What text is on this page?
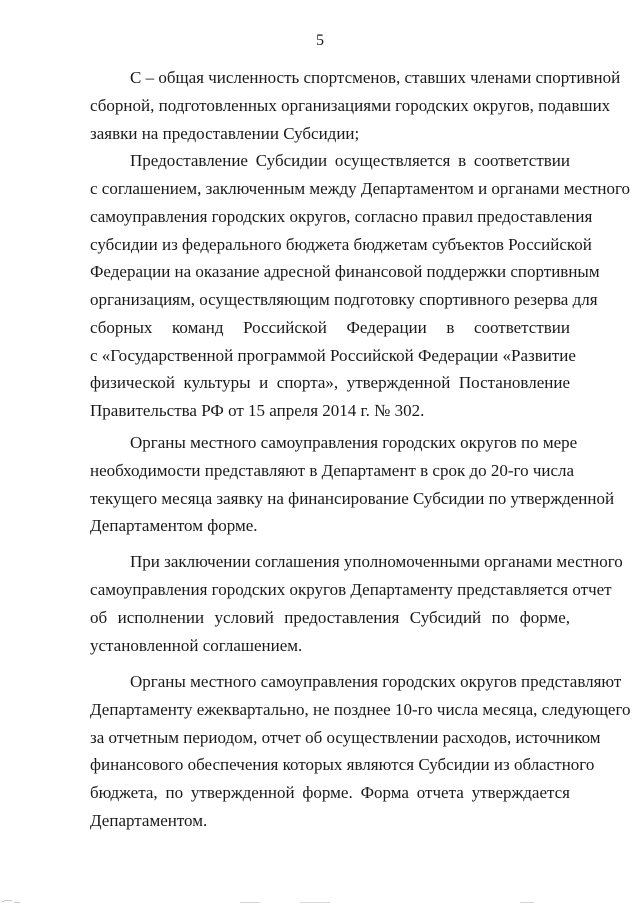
5
С – общая численность спортсменов, ставших членами спортивной
сборной, подготовленных организациями городских округов, подавших
заявки на предоставлении Субсидии;
Предоставление Субсидии осуществляется в соответствии
с соглашением, заключенным между Департаментом и органами местного
самоуправления городских округов, согласно правил предоставления
субсидии из федерального бюджета бюджетам субъектов Российской
Федерации на оказание адресной финансовой поддержки спортивным
организациям, осуществляющим подготовку спортивного резерва для
сборных команд Российской Федерации в соответствии
с «Государственной программой Российской Федерации «Развитие
физической культуры и спорта», утвержденной Постановление
Правительства РФ от 15 апреля 2014 г. № 302.
Органы местного самоуправления городских округов по мере
необходимости представляют в Департамент в срок до 20-го числа
текущего месяца заявку на финансирование Субсидии по утвержденной
Департаментом форме.
При заключении соглашения уполномоченными органами местного
самоуправления городских округов Департаменту представляется отчет
об исполнении условий предоставления Субсидий по форме,
установленной соглашением.
Органы местного самоуправления городских округов представляют
Департаменту ежеквартально, не позднее 10-го числа месяца, следующего
за отчетным периодом, отчет об осуществлении расходов, источником
финансового обеспечения которых являются Субсидии из областного
бюджета, по утвержденной форме. Форма отчета утверждается
Департаментом.
